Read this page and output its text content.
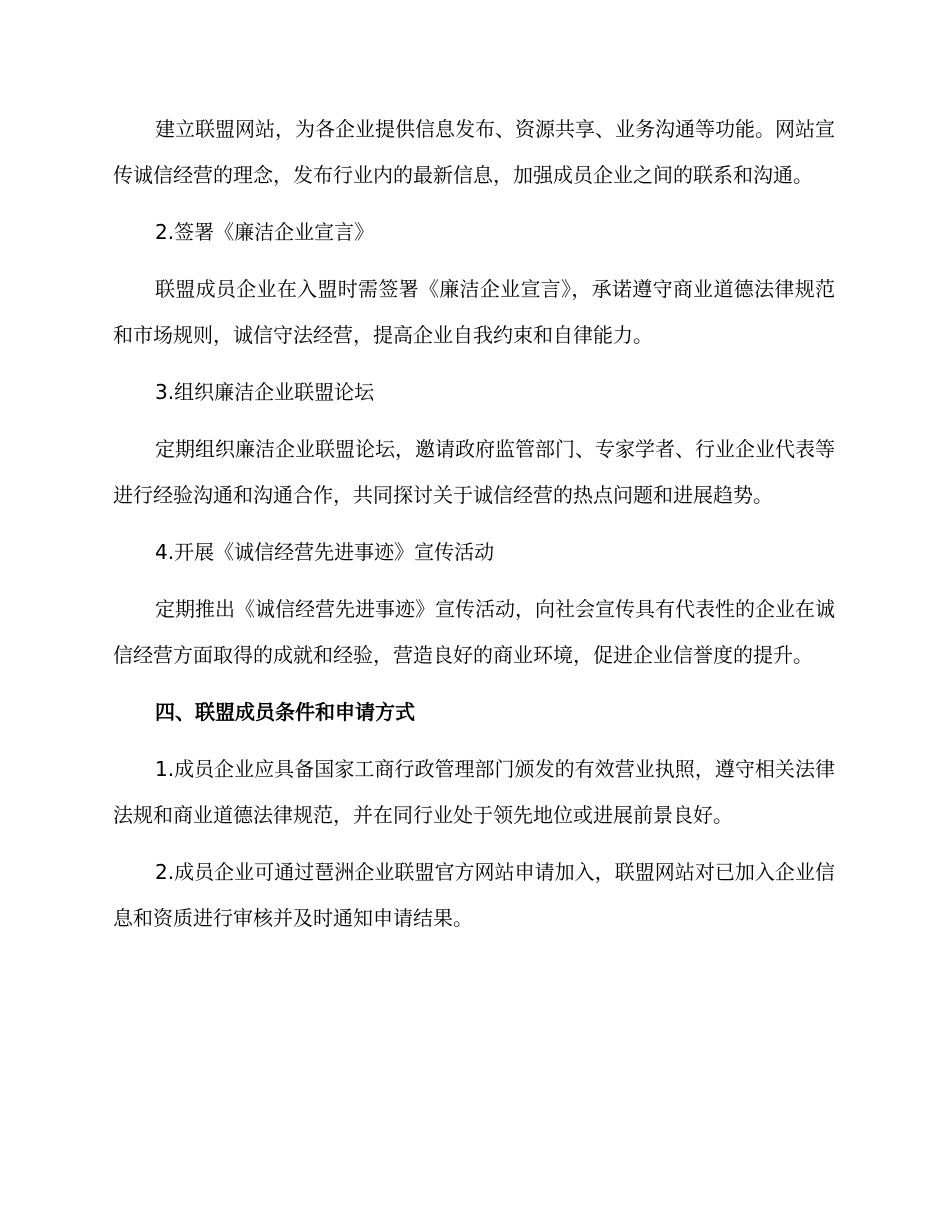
建立联盟网站，为各企业提供信息发布、资源共享、业务沟通等功能。网站宣传诚信经营的理念，发布行业内的最新信息，加强成员企业之间的联系和沟通。

2.签署《廉洁企业宣言》

联盟成员企业在入盟时需签署《廉洁企业宣言》，承诺遵守商业道德法律规范和市场规则，诚信守法经营，提高企业自我约束和自律能力。

3.组织廉洁企业联盟论坛

定期组织廉洁企业联盟论坛，邀请政府监管部门、专家学者、行业企业代表等进行经验沟通和沟通合作，共同探讨关于诚信经营的热点问题和进展趋势。

4.开展《诚信经营先进事迹》宣传活动

定期推出《诚信经营先进事迹》宣传活动，向社会宣传具有代表性的企业在诚信经营方面取得的成就和经验，营造良好的商业环境，促进企业信誉度的提升。

四、联盟成员条件和申请方式

1.成员企业应具备国家工商行政管理部门颁发的有效营业执照，遵守相关法律法规和商业道德法律规范，并在同行业处于领先地位或进展前景良好。

2.成员企业可通过琶洲企业联盟官方网站申请加入，联盟网站对已加入企业信息和资质进行审核并及时通知申请结果。
